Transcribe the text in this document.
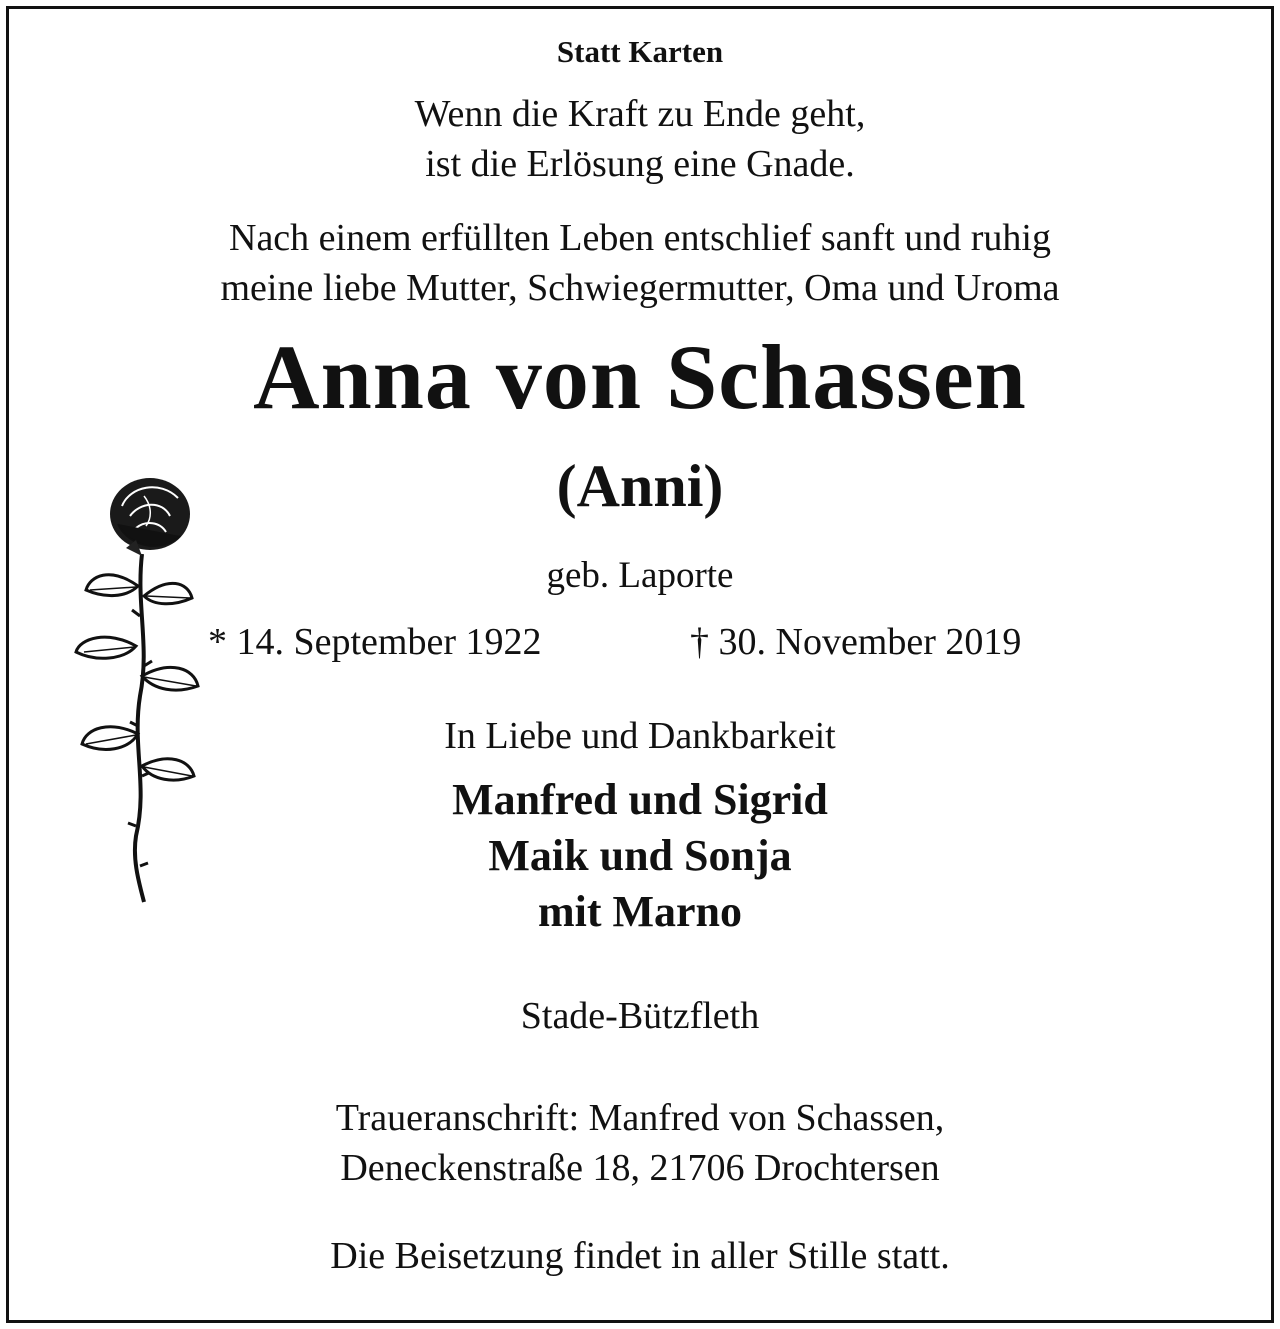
Statt Karten

Wenn die Kraft zu Ende geht,

ist die Erlösung eine Gnade.

Nach einem erfüllten Leben entschlief sanft und ruhig

meine liebe Mutter, Schwiegermutter, Oma und Uroma

Anna von Schassen

(Anni)

geb. Laporte

* 14. September 1922	† 30. November 2019

In Liebe und Dankbarkeit

Manfred und Sigrid

Maik und Sonja

mit Marno

Stade-Bützfleth

Traueranschrift: Manfred von Schassen,

Deneckenstraße 18, 21706 Drochtersen

Die Beisetzung findet in aller Stille statt.
